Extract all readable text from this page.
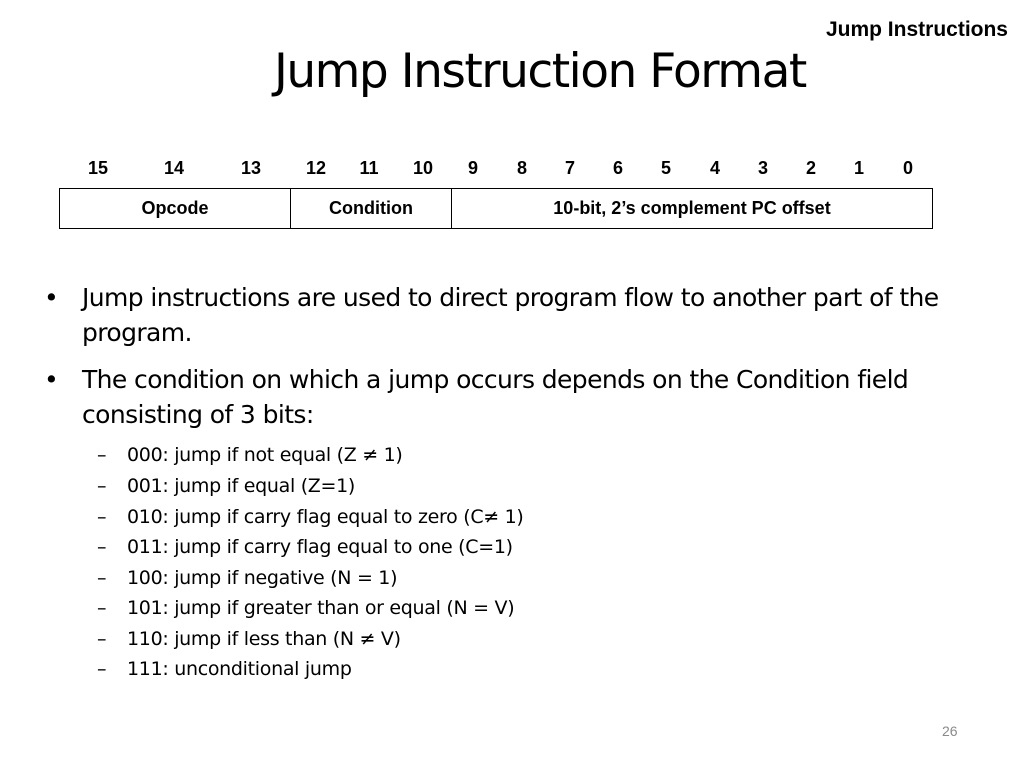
Jump Instructions
Jump Instruction Format
15	14	13	12	11	10	9	8	7	6	5	4	3	2	1	0
Opcode	Condition	10-bit, 2’s complement PC offset
• Jump instructions are used to direct program flow to another part of the program.
• The condition on which a jump occurs depends on the Condition field consisting of 3 bits:
– 000: jump if not equal (Z ≠ 1)
– 001: jump if equal (Z=1)
– 010: jump if carry flag equal to zero (C≠ 1)
– 011: jump if carry flag equal to one (C=1)
– 100: jump if negative (N = 1)
– 101: jump if greater than or equal (N = V)
– 110: jump if less than (N ≠ V)
– 111: unconditional jump
26
